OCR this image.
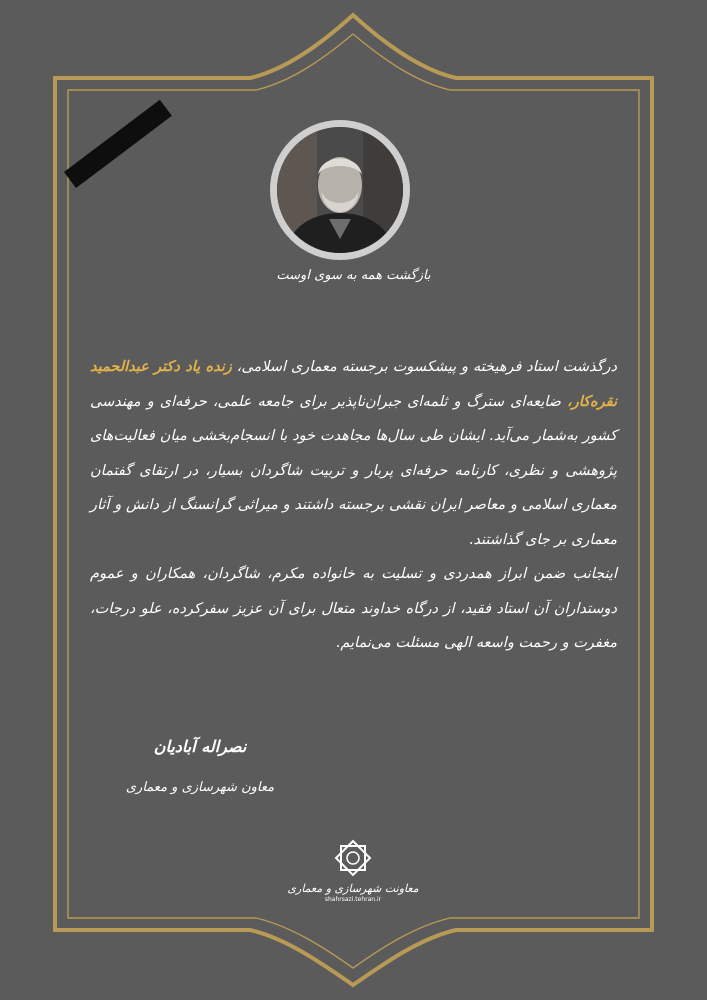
بازگشت همه به سوی اوست

درگذشت استاد فرهیخته و پیشکسوت برجسته معماری اسلامی، زنده یاد دکتر عبدالحمید نقره‌کار، ضایعه‌ای سترگ و ثلمه‌ای جبران‌ناپذیر برای جامعه علمی، حرفه‌ای و مهندسی کشور به‌شمار می‌آید. ایشان طی سال‌ها مجاهدت خود با انسجام‌بخشی میان فعالیت‌های پژوهشی و نظری، کارنامه حرفه‌ای پربار و تربیت شاگردان بسیار، در ارتقای گفتمان معماری اسلامی و معاصر ایران نقشی برجسته داشتند و میراثی گرانسنگ از دانش و آثار معماری بر جای گذاشتند.

اینجانب ضمن ابراز همدردی و تسلیت به خانواده مکرم، شاگردان، همکاران و عموم دوستداران آن استاد فقید، از درگاه خداوند متعال برای آن عزیز سفرکرده، علو درجات، مغفرت و رحمت واسعه الهی مسئلت می‌نمایم.

نصراله آبادیان
معاون شهرسازی و معماری
معاونت شهرسازی و معماری
shahrsazi.tehran.ir
